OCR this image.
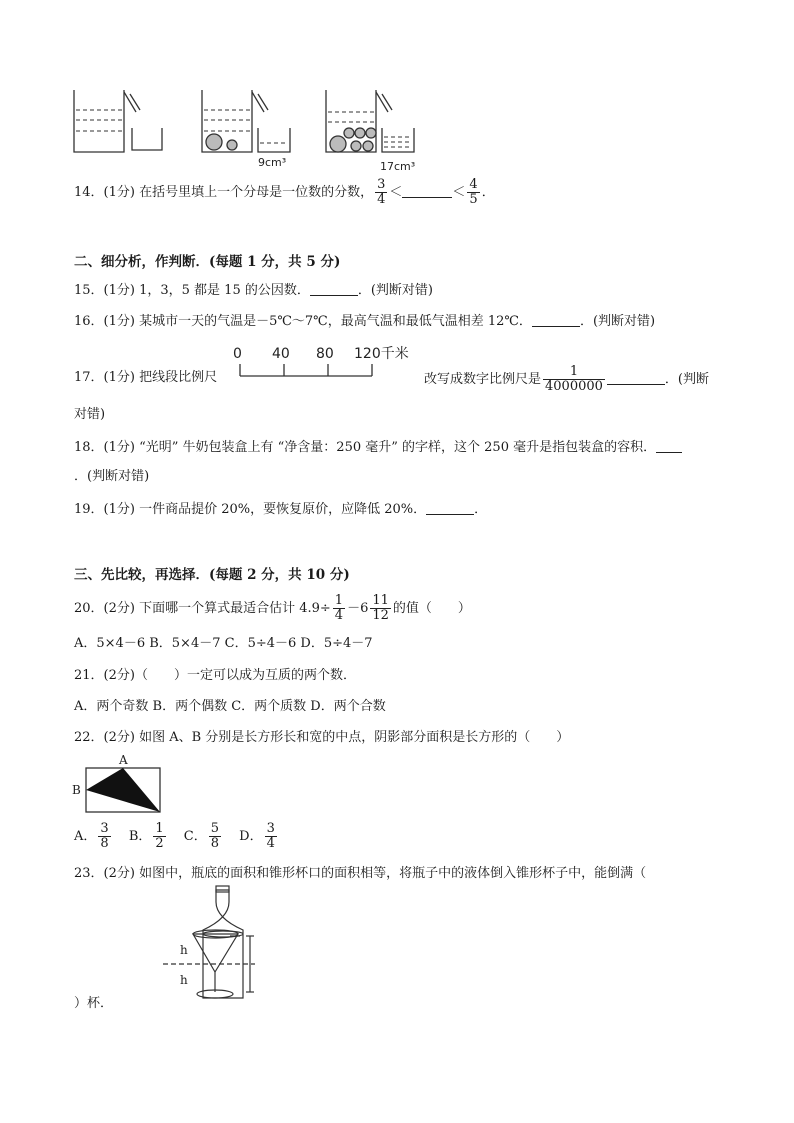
9cm³	17cm³
14．(1分) 在括号里填上一个分母是一位数的分数， $\frac{3}{4}$ ＜	＜ $\frac{4}{5}$ ．
二、细分析，作判断．(每题 1 分，共 5 分)
15．(1分) 1，3，5 都是 15 的公因数．	．(判断对错)
16．(1分) 某城市一天的气温是－5℃～7℃，最高气温和最低气温相差 12℃．	．(判断对错)
17．(1分) 把线段比例尺
0 40 80 120千米
改写成数字比例尺是 $\frac{1}{4000000}$	．(判断
对错)
18．(1分) “光明” 牛奶包装盒上有 “净含量：250 毫升” 的字样，这个 250 毫升是指包装盒的容积．
．(判断对错)
19．(1分) 一件商品提价 20%，要恢复原价，应降低 20%．	．
三、先比较，再选择．(每题 2 分，共 10 分)
20．(2分) 下面哪一个算式最适合估计 $4.9\div \frac{1}{4} -6 \frac{11}{12}$ 的值（　　）
A．5×4－6 B．5×4－7 C．5÷4－6 D．5÷4－7
21．(2分)（　　）一定可以成为互质的两个数．
A．两个奇数 B．两个偶数 C．两个质数 D．两个合数
22．(2分) 如图 A、B 分别是长方形长和宽的中点，阴影部分面积是长方形的（　　）
A
B
A． $\frac{3}{8}$ B． $\frac{1}{2}$ C． $\frac{5}{8}$ D． $\frac{3}{4}$
23．(2分) 如图中，瓶底的面积和锥形杯口的面积相等，将瓶子中的液体倒入锥形杯子中，能倒满（
h
h
）杯．
